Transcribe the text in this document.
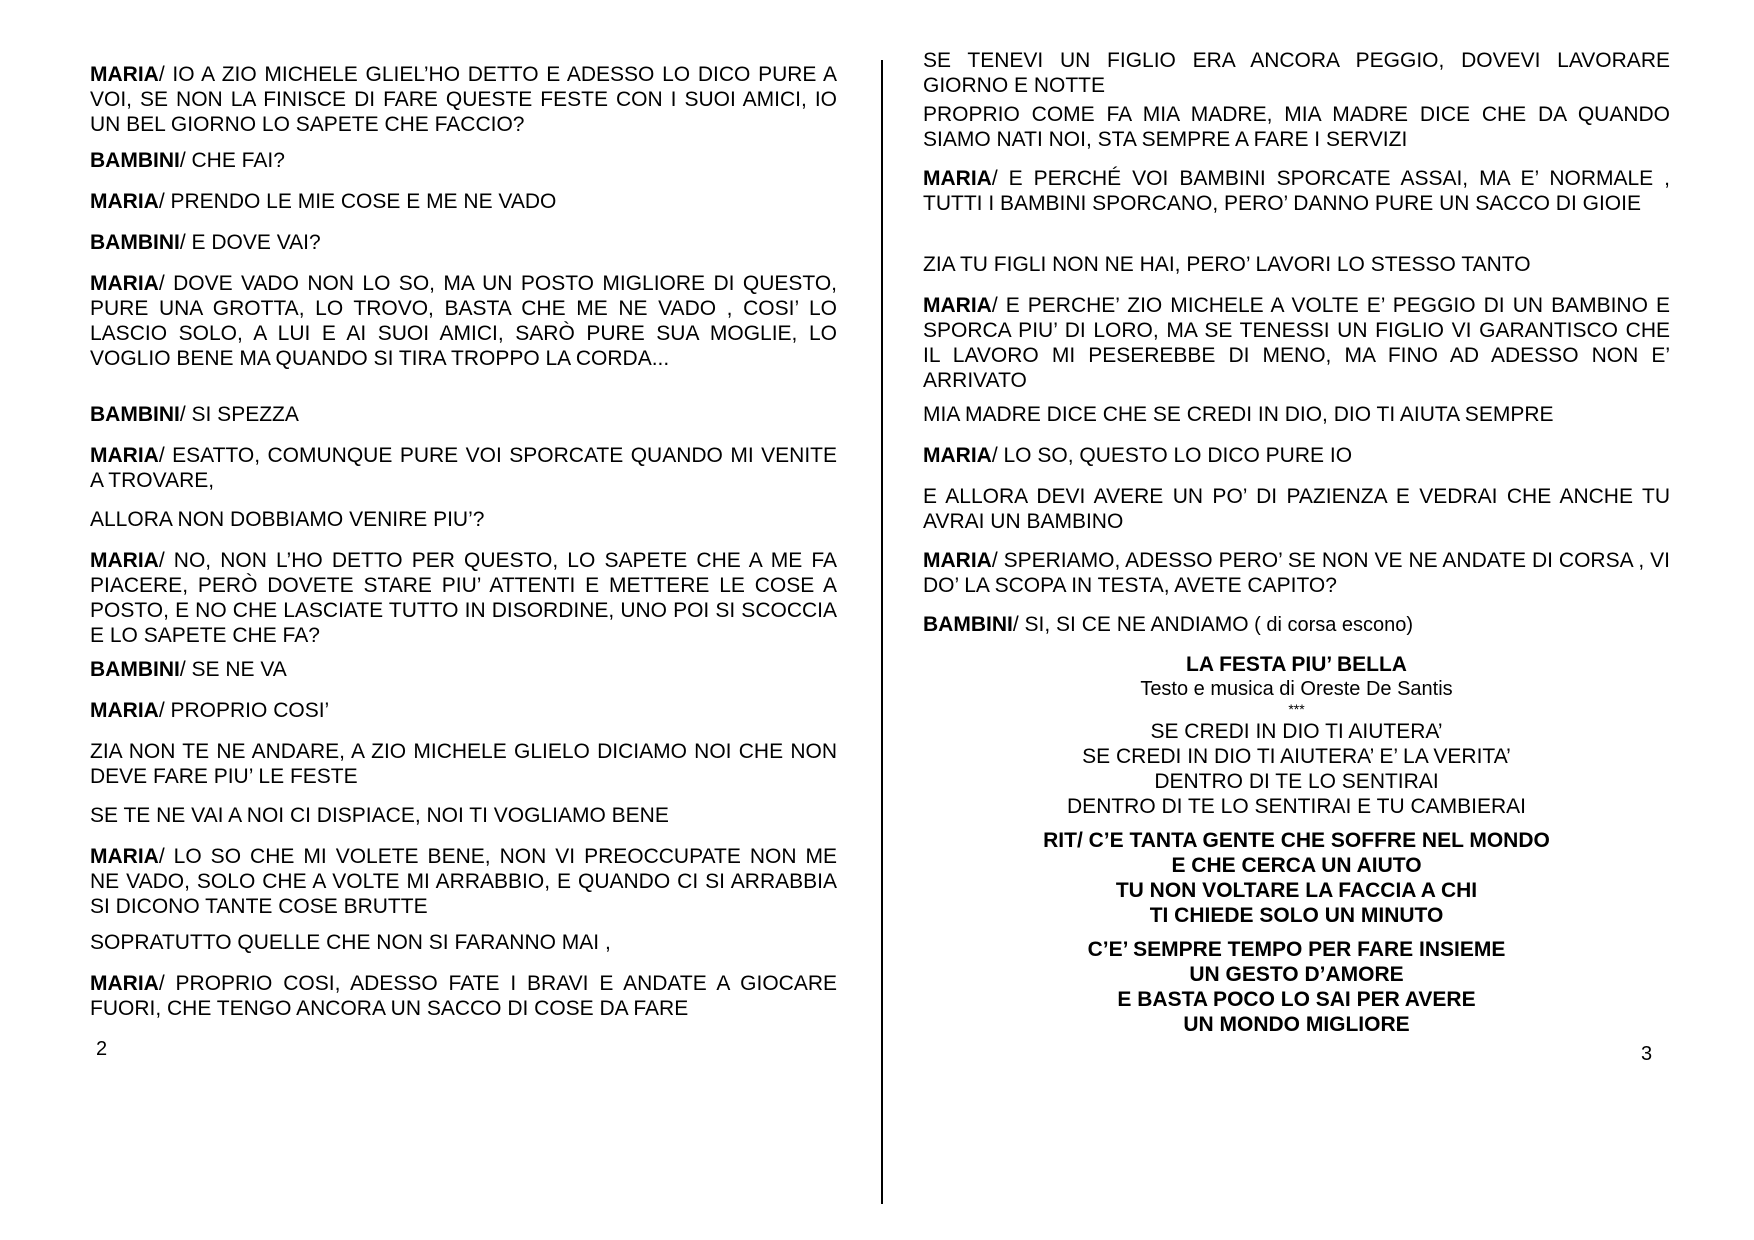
MARIA/ IO A ZIO MICHELE GLIEL’HO DETTO E ADESSO LO DICO PURE A VOI, SE NON LA FINISCE DI FARE QUESTE FESTE CON I SUOI AMICI, IO UN BEL GIORNO LO SAPETE CHE FACCIO?

BAMBINI/ CHE FAI?

MARIA/ PRENDO LE MIE COSE E ME NE VADO

BAMBINI/ E DOVE VAI?

MARIA/ DOVE VADO NON LO SO, MA UN POSTO MIGLIORE DI QUESTO, PURE UNA GROTTA, LO TROVO, BASTA CHE ME NE VADO , COSI’ LO LASCIO SOLO, A LUI E AI SUOI AMICI, SARÒ PURE SUA MOGLIE, LO VOGLIO BENE MA QUANDO SI TIRA TROPPO LA CORDA...

BAMBINI/ SI SPEZZA

MARIA/ ESATTO, COMUNQUE PURE VOI SPORCATE QUANDO MI VENITE A TROVARE,

ALLORA NON DOBBIAMO VENIRE PIU’?

MARIA/ NO, NON L’HO DETTO PER QUESTO, LO SAPETE CHE A ME FA PIACERE, PERÒ DOVETE STARE PIU’ ATTENTI E METTERE LE COSE A POSTO, E NO CHE LASCIATE TUTTO IN DISORDINE, UNO POI SI SCOCCIA E LO SAPETE CHE FA?

BAMBINI/ SE NE VA

MARIA/ PROPRIO COSI’

ZIA NON TE NE ANDARE, A ZIO MICHELE GLIELO DICIAMO NOI CHE NON DEVE FARE PIU’ LE FESTE

SE TE NE VAI A NOI CI DISPIACE, NOI TI VOGLIAMO BENE

MARIA/ LO SO CHE MI VOLETE BENE, NON VI PREOCCUPATE NON ME NE VADO, SOLO CHE A VOLTE MI ARRABBIO, E QUANDO CI SI ARRABBIA SI DICONO TANTE COSE BRUTTE

SOPRATUTTO QUELLE CHE NON SI FARANNO MAI ,

MARIA/ PROPRIO COSI, ADESSO FATE I BRAVI E ANDATE A GIOCARE FUORI, CHE TENGO ANCORA UN SACCO DI COSE DA FARE

2

SE TENEVI UN FIGLIO ERA ANCORA PEGGIO, DOVEVI LAVORARE GIORNO E NOTTE

PROPRIO COME FA MIA MADRE, MIA MADRE DICE CHE DA QUANDO SIAMO NATI NOI, STA SEMPRE A FARE I SERVIZI

MARIA/ E PERCHÉ VOI BAMBINI SPORCATE ASSAI, MA E’ NORMALE , TUTTI I BAMBINI SPORCANO, PERO’ DANNO PURE UN SACCO DI GIOIE

ZIA TU FIGLI NON NE HAI, PERO’ LAVORI LO STESSO TANTO

MARIA/ E PERCHE’ ZIO MICHELE A VOLTE E’ PEGGIO DI UN BAMBINO E SPORCA PIU’ DI LORO, MA SE TENESSI UN FIGLIO VI GARANTISCO CHE IL LAVORO MI PESEREBBE DI MENO, MA FINO AD ADESSO NON E’ ARRIVATO

MIA MADRE DICE CHE SE CREDI IN DIO, DIO TI AIUTA SEMPRE

MARIA/ LO SO, QUESTO LO DICO PURE IO

E ALLORA DEVI AVERE UN PO’ DI PAZIENZA E VEDRAI CHE ANCHE TU AVRAI UN BAMBINO

MARIA/ SPERIAMO, ADESSO PERO’ SE NON VE NE ANDATE DI CORSA , VI DO’ LA SCOPA IN TESTA, AVETE CAPITO?

BAMBINI/ SI, SI CE NE ANDIAMO ( di corsa escono)

LA FESTA PIU’ BELLA
Testo e musica di Oreste De Santis
***
SE CREDI IN DIO TI AIUTERA’
SE CREDI IN DIO TI AIUTERA’ E’ LA VERITA’
DENTRO DI TE LO SENTIRAI
DENTRO DI TE LO SENTIRAI E TU CAMBIERAI
RIT/ C’E TANTA GENTE CHE SOFFRE NEL MONDO
E CHE CERCA UN AIUTO
TU NON VOLTARE LA FACCIA A CHI
TI CHIEDE SOLO UN MINUTO
C’E’ SEMPRE TEMPO PER FARE INSIEME
UN GESTO D’AMORE
E BASTA POCO LO SAI PER AVERE
UN MONDO MIGLIORE
3
